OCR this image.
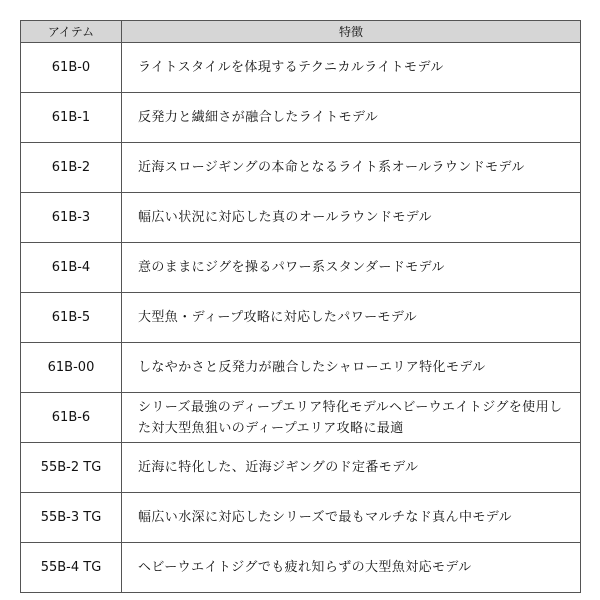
アイテム	特徴
61B-0	ライトスタイルを体現するテクニカルライトモデル
61B-1	反発力と繊細さが融合したライトモデル
61B-2	近海スロージギングの本命となるライト系オールラウンドモデル
61B-3	幅広い状況に対応した真のオールラウンドモデル
61B-4	意のままにジグを操るパワー系スタンダードモデル
61B-5	大型魚・ディープ攻略に対応したパワーモデル
61B-00	しなやかさと反発力が融合したシャローエリア特化モデル
61B-6	シリーズ最強のディープエリア特化モデルヘビーウエイトジグを使用した対大型魚狙いのディープエリア攻略に最適
55B-2 TG	近海に特化した、近海ジギングのド定番モデル
55B-3 TG	幅広い水深に対応したシリーズで最もマルチなド真ん中モデル
55B-4 TG	ヘビーウエイトジグでも疲れ知らずの大型魚対応モデル
